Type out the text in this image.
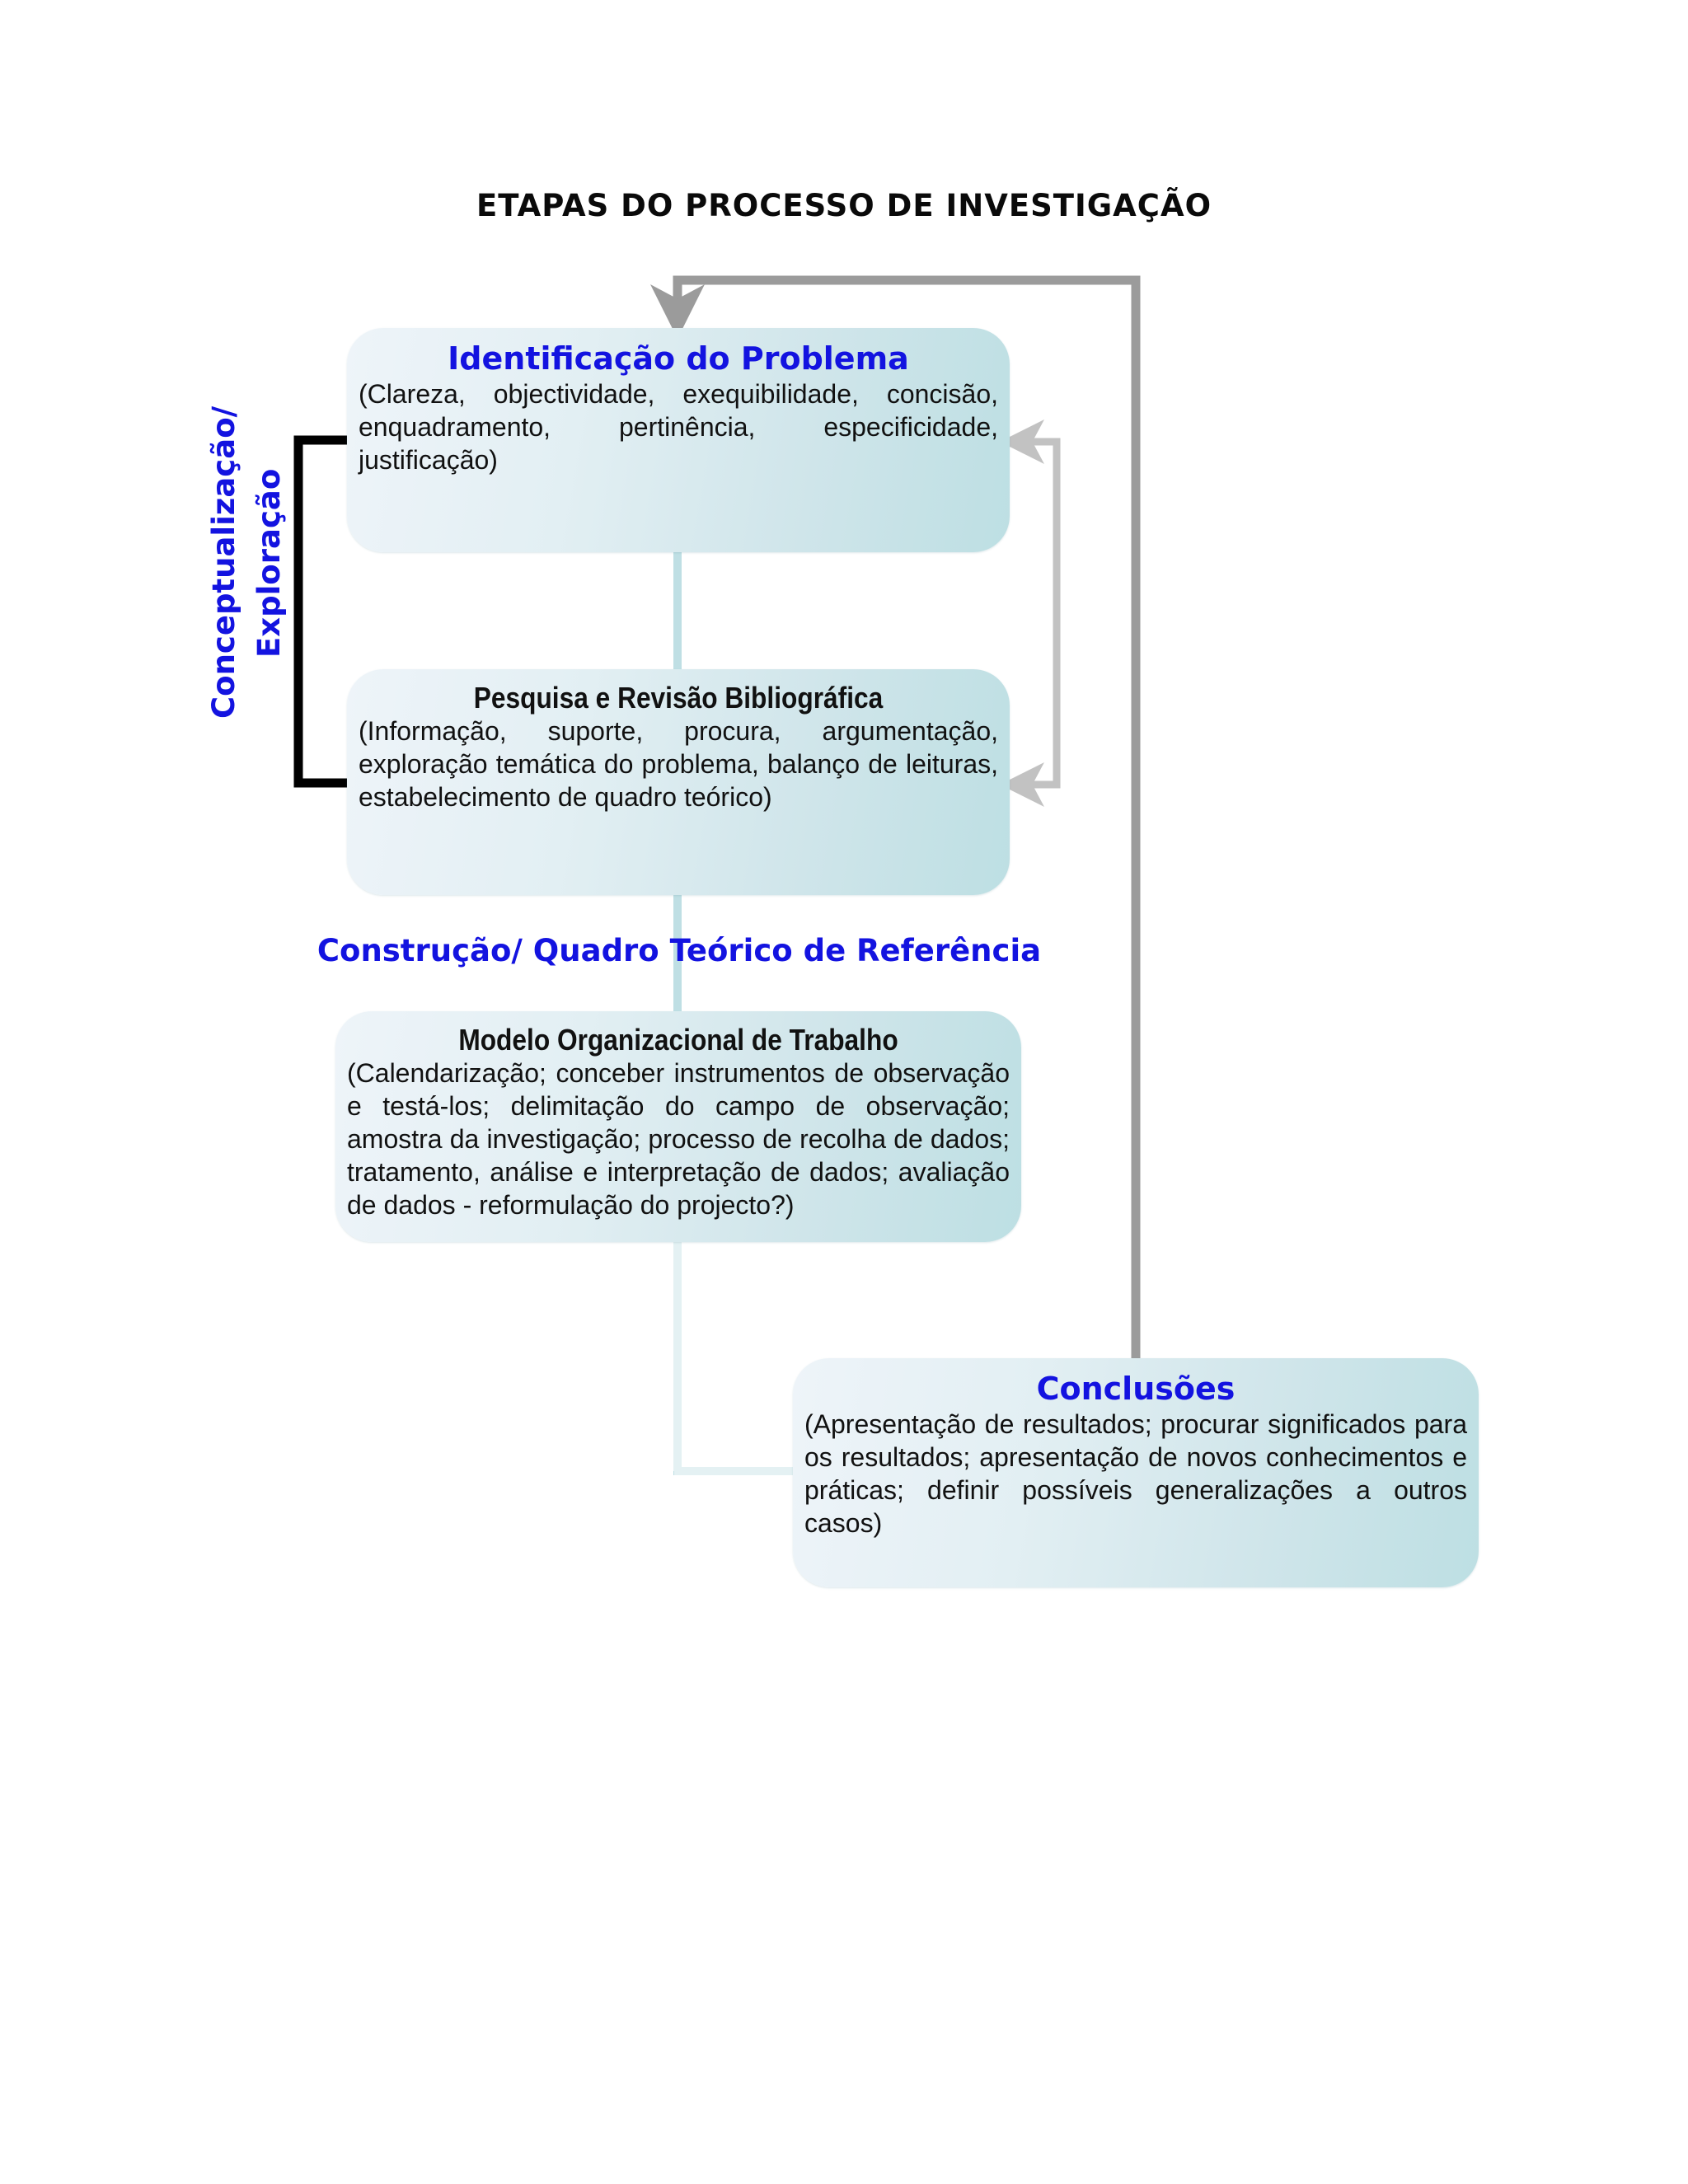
ETAPAS DO PROCESSO DE INVESTIGAÇÃO
Conceptualização/ Exploração
Identificação do Problema
(Clareza, objectividade, exequibilidade, concisão, enquadramento, pertinência, especificidade, justificação)
Pesquisa e Revisão Bibliográfica
(Informação, suporte, procura, argumentação, exploração temática do problema, balanço de leituras, estabelecimento de quadro teórico)
Construção/ Quadro Teórico de Referência
Modelo Organizacional de Trabalho
(Calendarização; conceber instrumentos de observação e testá-los; delimitação do campo de observação; amostra da investigação; processo de recolha de dados; tratamento, análise e interpretação de dados; avaliação de dados - reformulação do projecto?)
Conclusões
(Apresentação de resultados; procurar significados para os resultados; apresentação de novos conhecimentos e práticas; definir possíveis generalizações a outros casos)
